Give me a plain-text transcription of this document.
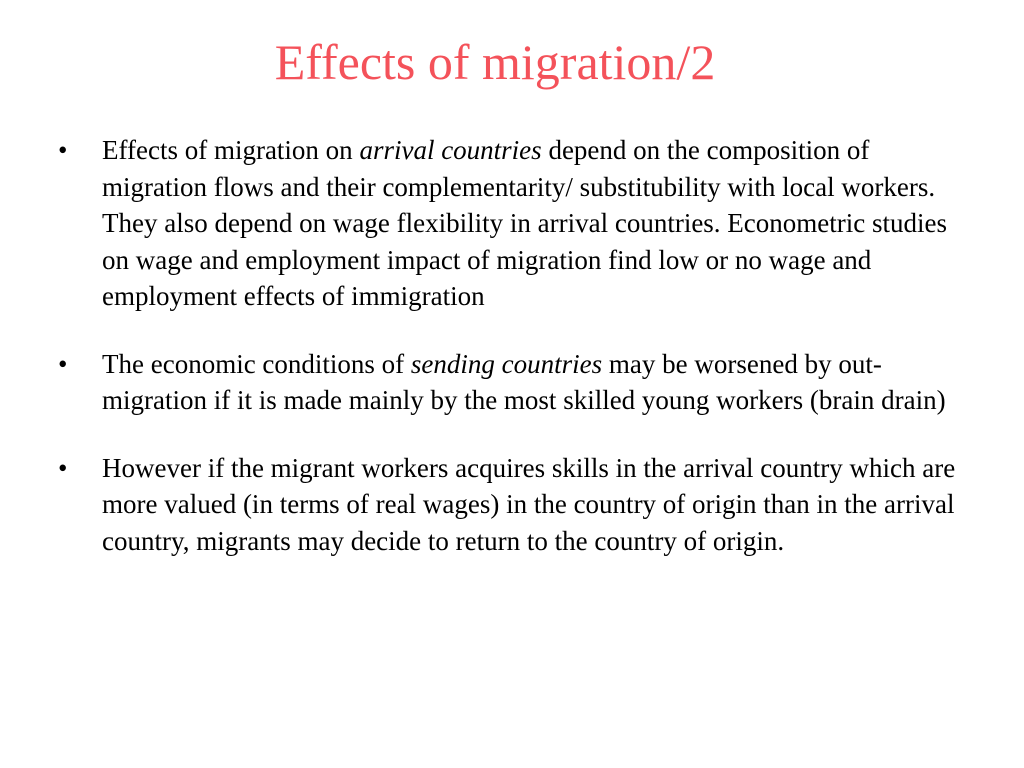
Effects of migration/2
•	Effects of migration on arrival countries depend on the composition of migration flows and their complementarity/ substitubility with local workers. They also depend on wage flexibility in arrival countries. Econometric studies on wage and employment impact of migration find low or no wage and employment effects of immigration
•	The economic conditions of sending countries may be worsened by out-migration if it is made mainly by the most skilled young workers (brain drain)
•	However if the migrant workers acquires skills in the arrival country which are more valued (in terms of real wages) in the country of origin than in the arrival country, migrants may decide to return to the country of origin.
